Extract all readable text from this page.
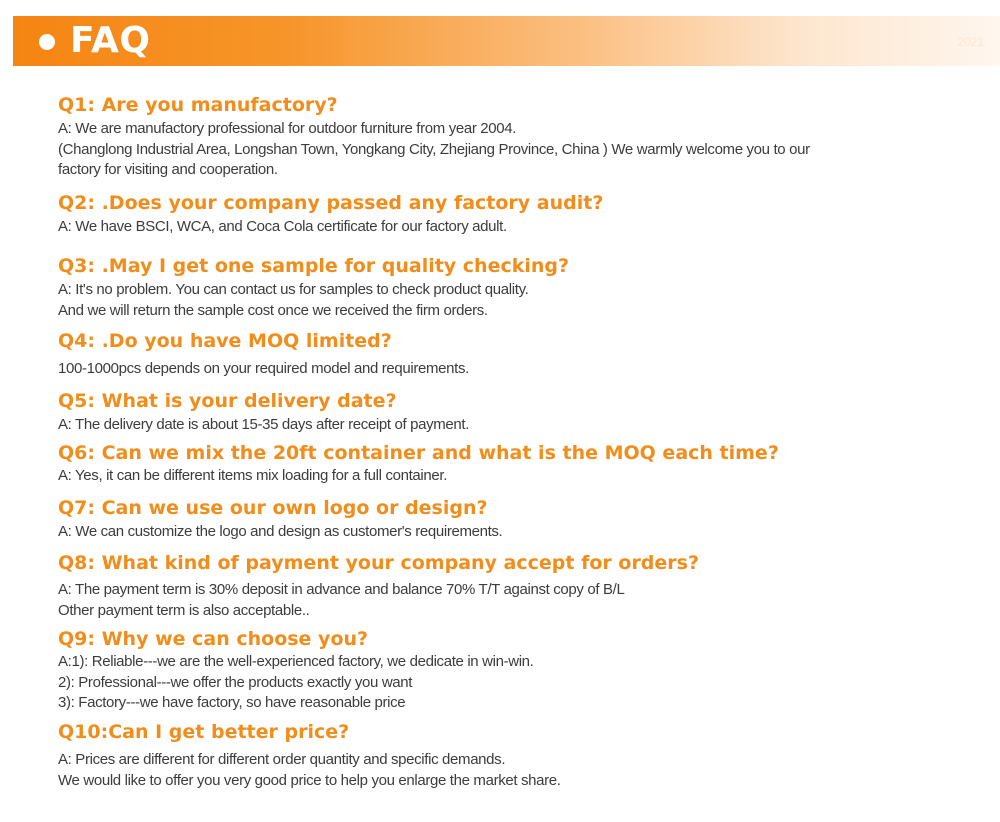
FAQ	2021
Q1: Are you manufactory?
A: We are manufactory professional for outdoor furniture from year 2004.
(Changlong Industrial Area, Longshan Town, Yongkang City, Zhejiang Province, China ) We warmly welcome you to our
factory for visiting and cooperation.
Q2: .Does your company passed any factory audit?
A: We have BSCI, WCA, and Coca Cola certificate for our factory adult.
Q3: .May I get one sample for quality checking?
A: It's no problem. You can contact us for samples to check product quality.
And we will return the sample cost once we received the firm orders.
Q4: .Do you have MOQ limited?
100-1000pcs depends on your required model and requirements.
Q5: What is your delivery date?
A: The delivery date is about 15-35 days after receipt of payment.
Q6: Can we mix the 20ft container and what is the MOQ each time?
A: Yes, it can be different items mix loading for a full container.
Q7: Can we use our own logo or design?
A: We can customize the logo and design as customer's requirements.
Q8: What kind of payment your company accept for orders?
A: The payment term is 30% deposit in advance and balance 70% T/T against copy of B/L
Other payment term is also acceptable..
Q9: Why we can choose you?
A:1): Reliable---we are the well-experienced factory, we dedicate in win-win.
2): Professional---we offer the products exactly you want
3): Factory---we have factory, so have reasonable price
Q10:Can I get better price?
A: Prices are different for different order quantity and specific demands.
We would like to offer you very good price to help you enlarge the market share.
